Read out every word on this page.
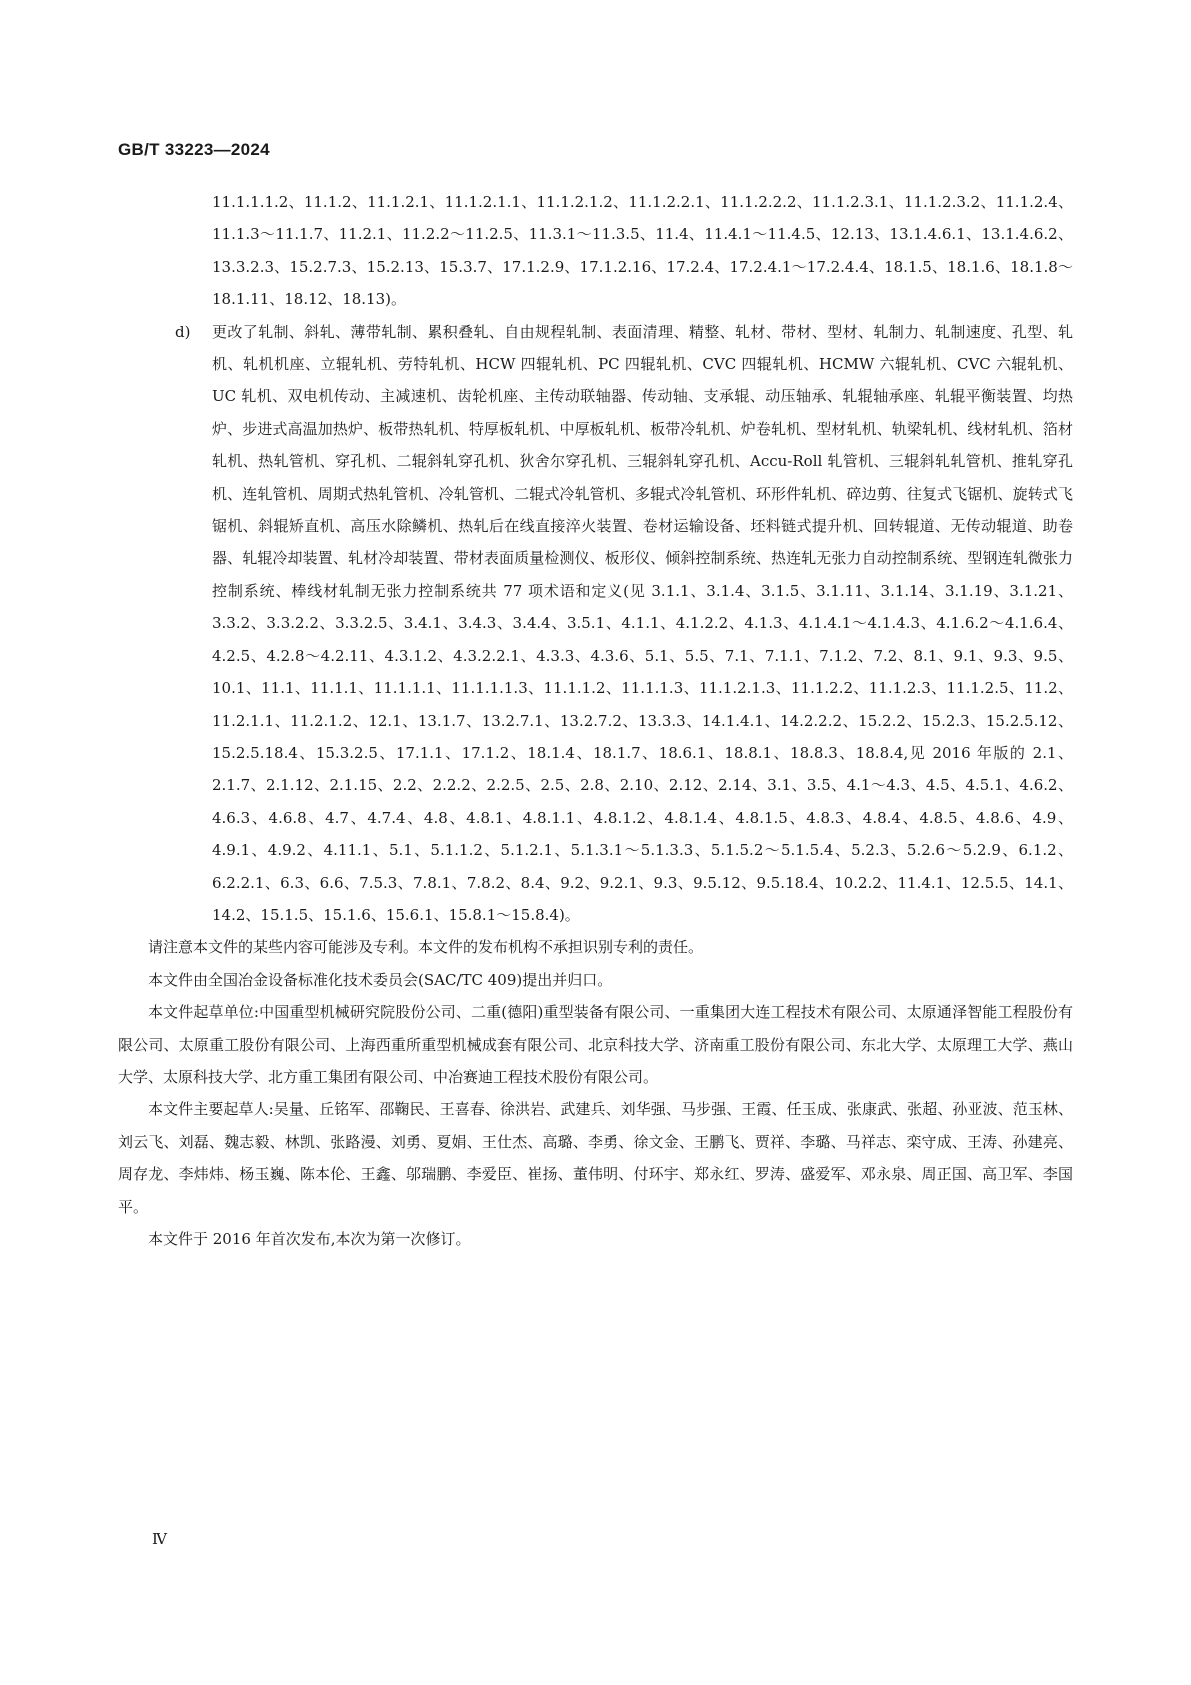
GB/T 33223—2024
11.1.1.1.2、11.1.2、11.1.2.1、11.1.2.1.1、11.1.2.1.2、11.1.2.2.1、11.1.2.2.2、11.1.2.3.1、11.1.2.3.2、11.1.2.4、11.1.3～11.1.7、11.2.1、11.2.2～11.2.5、11.3.1～11.3.5、11.4、11.4.1～11.4.5、12.13、13.1.4.6.1、13.1.4.6.2、13.3.2.3、15.2.7.3、15.2.13、15.3.7、17.1.2.9、17.1.2.16、17.2.4、17.2.4.1～17.2.4.4、18.1.5、18.1.6、18.1.8～18.1.11、18.12、18.13)。
d) 更改了轧制、斜轧、薄带轧制、累积叠轧、自由规程轧制、表面清理、精整、轧材、带材、型材、轧制力、轧制速度、孔型、轧机、轧机机座、立辊轧机、劳特轧机、HCW 四辊轧机、PC 四辊轧机、CVC 四辊轧机、HCMW 六辊轧机、CVC 六辊轧机、UC 轧机、双电机传动、主减速机、齿轮机座、主传动联轴器、传动轴、支承辊、动压轴承、轧辊轴承座、轧辊平衡装置、均热炉、步进式高温加热炉、板带热轧机、特厚板轧机、中厚板轧机、板带冷轧机、炉卷轧机、型材轧机、轨梁轧机、线材轧机、箔材轧机、热轧管机、穿孔机、二辊斜轧穿孔机、狄舍尔穿孔机、三辊斜轧穿孔机、Accu-Roll 轧管机、三辊斜轧轧管机、推轧穿孔机、连轧管机、周期式热轧管机、冷轧管机、二辊式冷轧管机、多辊式冷轧管机、环形件轧机、碎边剪、往复式飞锯机、旋转式飞锯机、斜辊矫直机、高压水除鳞机、热轧后在线直接淬火装置、卷材运输设备、坯料链式提升机、回转辊道、无传动辊道、助卷器、轧辊冷却装置、轧材冷却装置、带材表面质量检测仪、板形仪、倾斜控制系统、热连轧无张力自动控制系统、型钢连轧微张力控制系统、棒线材轧制无张力控制系统共 77 项术语和定义(见 3.1.1、3.1.4、3.1.5、3.1.11、3.1.14、3.1.19、3.1.21、3.3.2、3.3.2.2、3.3.2.5、3.4.1、3.4.3、3.4.4、3.5.1、4.1.1、4.1.2.2、4.1.3、4.1.4.1～4.1.4.3、4.1.6.2～4.1.6.4、4.2.5、4.2.8～4.2.11、4.3.1.2、4.3.2.2.1、4.3.3、4.3.6、5.1、5.5、7.1、7.1.1、7.1.2、7.2、8.1、9.1、9.3、9.5、10.1、11.1、11.1.1、11.1.1.1、11.1.1.1.3、11.1.1.2、11.1.1.3、11.1.2.1.3、11.1.2.2、11.1.2.3、11.1.2.5、11.2、11.2.1.1、11.2.1.2、12.1、13.1.7、13.2.7.1、13.2.7.2、13.3.3、14.1.4.1、14.2.2.2、15.2.2、15.2.3、15.2.5.12、15.2.5.18.4、15.3.2.5、17.1.1、17.1.2、18.1.4、18.1.7、18.6.1、18.8.1、18.8.3、18.8.4,见 2016 年版的 2.1、2.1.7、2.1.12、2.1.15、2.2、2.2.2、2.2.5、2.5、2.8、2.10、2.12、2.14、3.1、3.5、4.1～4.3、4.5、4.5.1、4.6.2、4.6.3、4.6.8、4.7、4.7.4、4.8、4.8.1、4.8.1.1、4.8.1.2、4.8.1.4、4.8.1.5、4.8.3、4.8.4、4.8.5、4.8.6、4.9、4.9.1、4.9.2、4.11.1、5.1、5.1.1.2、5.1.2.1、5.1.3.1～5.1.3.3、5.1.5.2～5.1.5.4、5.2.3、5.2.6～5.2.9、6.1.2、6.2.2.1、6.3、6.6、7.5.3、7.8.1、7.8.2、8.4、9.2、9.2.1、9.3、9.5.12、9.5.18.4、10.2.2、11.4.1、12.5.5、14.1、14.2、15.1.5、15.1.6、15.6.1、15.8.1～15.8.4)。

请注意本文件的某些内容可能涉及专利。本文件的发布机构不承担识别专利的责任。

本文件由全国冶金设备标准化技术委员会(SAC/TC 409)提出并归口。

本文件起草单位:中国重型机械研究院股份公司、二重(德阳)重型装备有限公司、一重集团大连工程技术有限公司、太原通泽智能工程股份有限公司、太原重工股份有限公司、上海西重所重型机械成套有限公司、北京科技大学、济南重工股份有限公司、东北大学、太原理工大学、燕山大学、太原科技大学、北方重工集团有限公司、中冶赛迪工程技术股份有限公司。

本文件主要起草人:吴量、丘铭军、邵鞠民、王喜春、徐洪岩、武建兵、刘华强、马步强、王霞、任玉成、张康武、张超、孙亚波、范玉林、刘云飞、刘磊、魏志毅、林凯、张路漫、刘勇、夏娟、王仕杰、高璐、李勇、徐文金、王鹏飞、贾祥、李璐、马祥志、栾守成、王涛、孙建亮、周存龙、李炜炜、杨玉巍、陈本伦、王鑫、邬瑞鹏、李爱臣、崔扬、董伟明、付环宇、郑永红、罗涛、盛爱军、邓永泉、周正国、高卫军、李国平。

本文件于 2016 年首次发布,本次为第一次修订。

Ⅳ
